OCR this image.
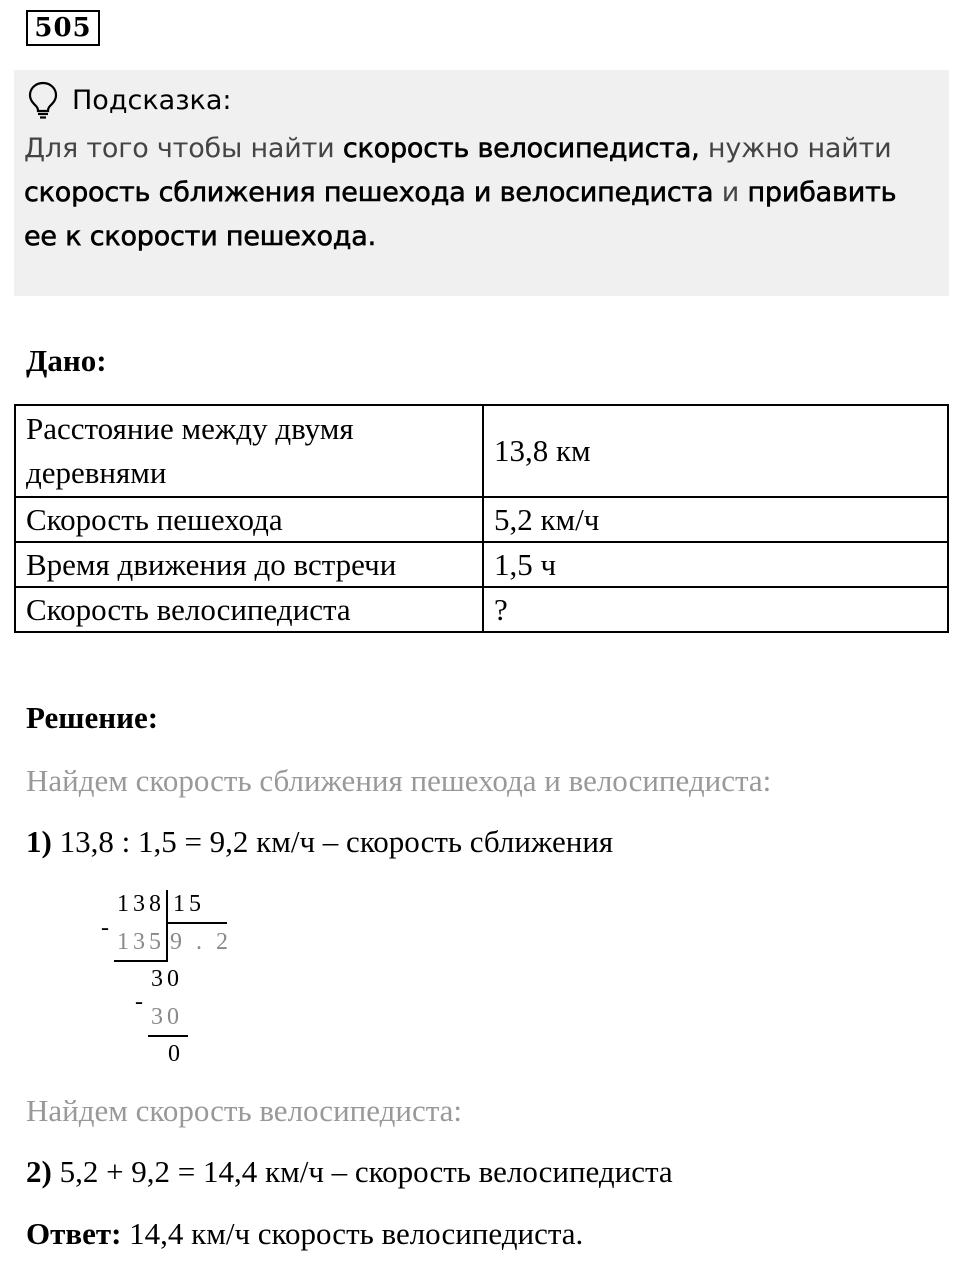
505
Подсказка:
Для того чтобы найти скорость велосипедиста, нужно найти
скорость сближения пешехода и велосипедиста и прибавить
ее к скорости пешехода.
Дано:
Расстояние между двумя деревнями	13,8 км
Скорость пешехода	5,2 км/ч
Время движения до встречи	1,5 ч
Скорость велосипедиста	?
Решение:
Найдем скорость сближения пешехода и велосипедиста:
1) 13,8 : 1,5 = 9,2 км/ч – скорость сближения
138 15
-
135 9 . 2
30
-
30
0
Найдем скорость велосипедиста:
2) 5,2 + 9,2 = 14,4 км/ч – скорость велосипедиста
Ответ: 14,4 км/ч скорость велосипедиста.
